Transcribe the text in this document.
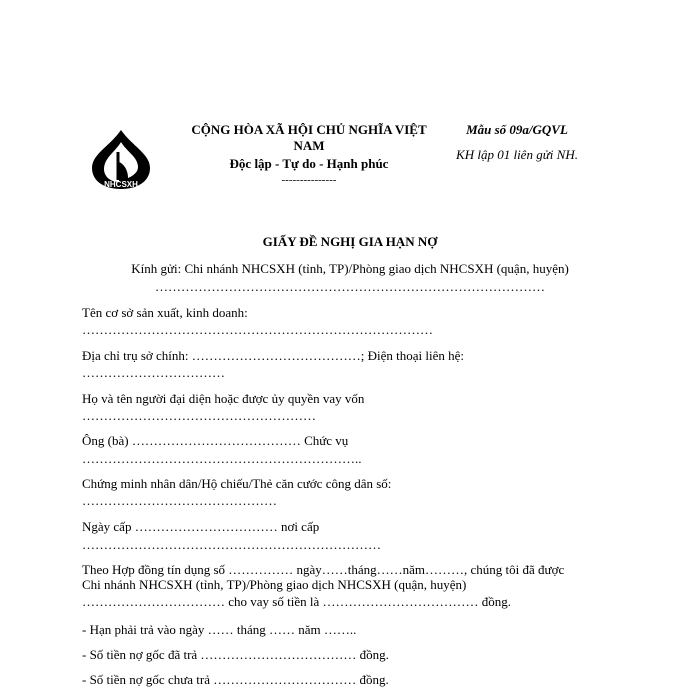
NHCSXH
CỘNG HÒA XÃ HỘI CHỦ NGHĨA VIỆT NAM
Độc lập - Tự do - Hạnh phúc
---------------
Mẫu số 09a/GQVL
KH lập 01 liên gửi NH.
GIẤY ĐỀ NGHỊ GIA HẠN NỢ
Kính gửi: Chi nhánh NHCSXH (tỉnh, TP)/Phòng giao dịch NHCSXH (quận, huyện)
………………………………………………………………………………
Tên cơ sở sản xuất, kinh doanh:
………………………………………………………………………
Địa chỉ trụ sở chính: …………………………………; Điện thoại liên hệ:
……………………………
Họ và tên người đại diện hoặc được ủy quyền vay vốn
………………………………………………
Ông (bà) ………………………………… Chức vụ
………………………………………………………..
Chứng minh nhân dân/Hộ chiếu/Thẻ căn cước công dân số:
………………………………………
Ngày cấp …………………………… nơi cấp
……………………………………………………………
Theo Hợp đồng tín dụng số …………… ngày……tháng……năm………, chúng tôi đã được
Chi nhánh NHCSXH (tỉnh, TP)/Phòng giao dịch NHCSXH (quận, huyện)
…………………………… cho vay số tiền là ……………………………… đồng.
- Hạn phải trả vào ngày …… tháng …… năm ……..
- Số tiền nợ gốc đã trả ……………………………… đồng.
- Số tiền nợ gốc chưa trả …………………………… đồng.
